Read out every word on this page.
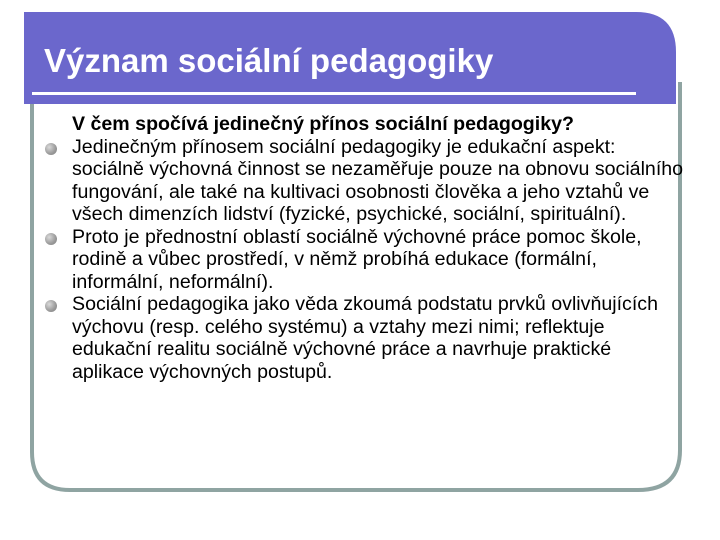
Význam sociální pedagogiky
V čem spočívá jedinečný přínos sociální pedagogiky?
Jedinečným přínosem sociální pedagogiky je edukační aspekt: sociálně výchovná činnost se nezaměřuje pouze na obnovu sociálního fungování, ale také na kultivaci osobnosti člověka a jeho vztahů ve všech dimenzích lidství (fyzické, psychické, sociální, spirituální).
Proto je přednostní oblastí sociálně výchovné práce pomoc škole, rodině a vůbec prostředí, v němž probíhá edukace (formální, informální, neformální).
Sociální pedagogika jako věda zkoumá podstatu prvků ovlivňujících výchovu (resp. celého systému) a vztahy mezi nimi; reflektuje edukační realitu sociálně výchovné práce a navrhuje praktické aplikace výchovných postupů.
